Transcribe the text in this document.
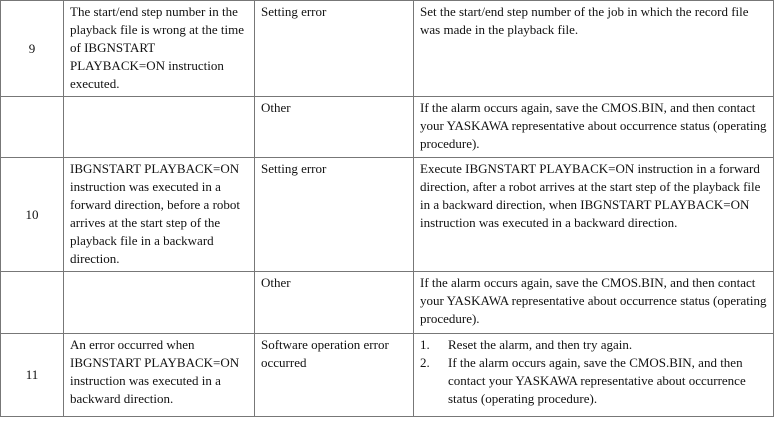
9	The start/end step number in the playback file is wrong at the time of IBGNSTART PLAYBACK=ON instruction executed.	Setting error	Set the start/end step number of the job in which the record file was made in the playback file.
		Other	If the alarm occurs again, save the CMOS.BIN, and then contact your YASKAWA representative about occurrence status (operating procedure).
10	IBGNSTART PLAYBACK=ON instruction was executed in a forward direction, before a robot arrives at the start step of the playback file in a backward direction.	Setting error	Execute IBGNSTART PLAYBACK=ON instruction in a forward direction, after a robot arrives at the start step of the playback file in a backward direction, when IBGNSTART PLAYBACK=ON instruction was executed in a backward direction.
		Other	If the alarm occurs again, save the CMOS.BIN, and then contact your YASKAWA representative about occurrence status (operating procedure).
11	An error occurred when IBGNSTART PLAYBACK=ON instruction was executed in a backward direction.	Software operation error occurred	1. Reset the alarm, and then try again.
2. If the alarm occurs again, save the CMOS.BIN, and then contact your YASKAWA representative about occurrence status (operating procedure).
